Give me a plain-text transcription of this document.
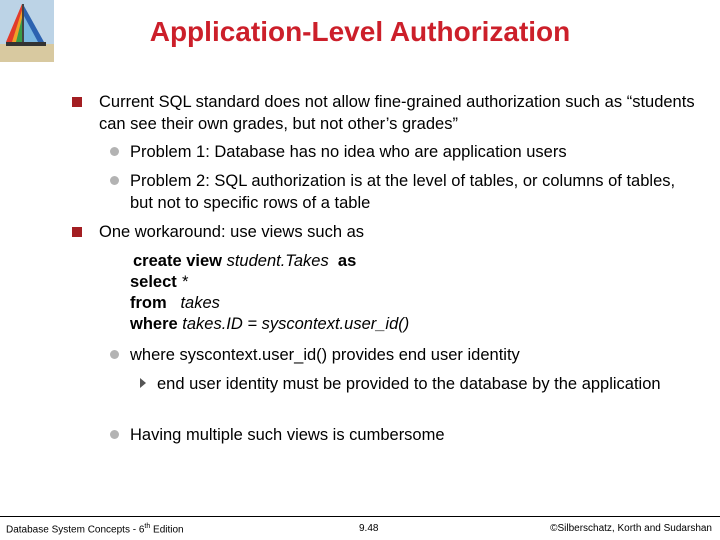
Application-Level Authorization
Current SQL standard does not allow fine-grained authorization such as “students can see their own grades, but not other’s grades”
Problem 1: Database has no idea who are application users
Problem 2: SQL authorization is at the level of tables, or columns of tables, but not to specific rows of a table
One workaround: use views such as
create view student.Takes as
select *
from takes
where takes.ID = syscontext.user_id()
where syscontext.user_id() provides end user identity
end user identity must be provided to the database by the application
Having multiple such views is cumbersome
Database System Concepts - 6th Edition	9.48	©Silberschatz, Korth and Sudarshan
